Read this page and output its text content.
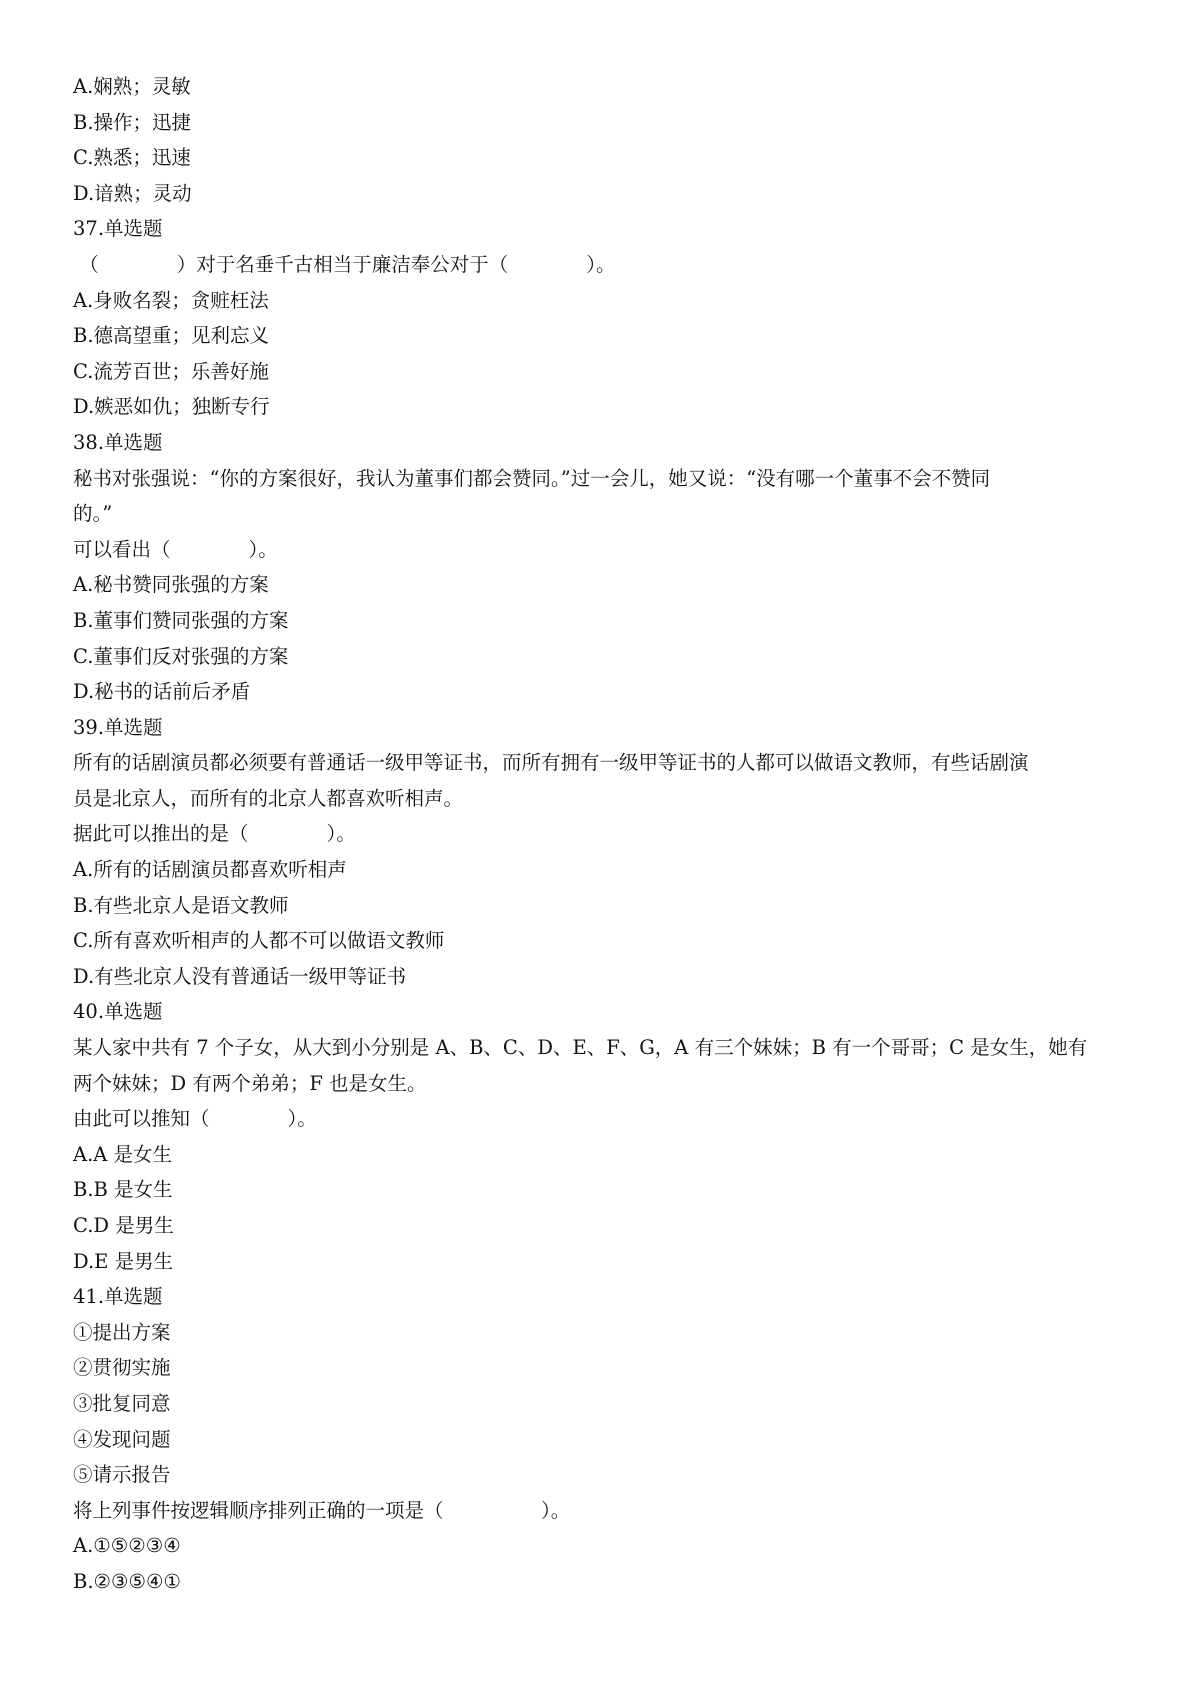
A.娴熟；灵敏

B.操作；迅捷

C.熟悉；迅速

D.谙熟；灵动

37.单选题

（　　　　）对于名垂千古相当于廉洁奉公对于（　　　　）。

A.身败名裂；贪赃枉法

B.德高望重；见利忘义

C.流芳百世；乐善好施

D.嫉恶如仇；独断专行

38.单选题

秘书对张强说：“你的方案很好，我认为董事们都会赞同。”过一会儿，她又说：“没有哪一个董事不会不赞同

的。”

可以看出（　　　　）。

A.秘书赞同张强的方案

B.董事们赞同张强的方案

C.董事们反对张强的方案

D.秘书的话前后矛盾

39.单选题

所有的话剧演员都必须要有普通话一级甲等证书，而所有拥有一级甲等证书的人都可以做语文教师，有些话剧演

员是北京人，而所有的北京人都喜欢听相声。

据此可以推出的是（　　　　）。

A.所有的话剧演员都喜欢听相声

B.有些北京人是语文教师

C.所有喜欢听相声的人都不可以做语文教师

D.有些北京人没有普通话一级甲等证书

40.单选题

某人家中共有 7 个子女，从大到小分别是 A、B、C、D、E、F、G，A 有三个妹妹；B 有一个哥哥；C 是女生，她有

两个妹妹；D 有两个弟弟；F 也是女生。

由此可以推知（　　　　）。

A.A 是女生

B.B 是女生

C.D 是男生

D.E 是男生

41.单选题

①提出方案

②贯彻实施

③批复同意

④发现问题

⑤请示报告

将上列事件按逻辑顺序排列正确的一项是（　　　　　）。

A.①⑤②③④

B.②③⑤④①
